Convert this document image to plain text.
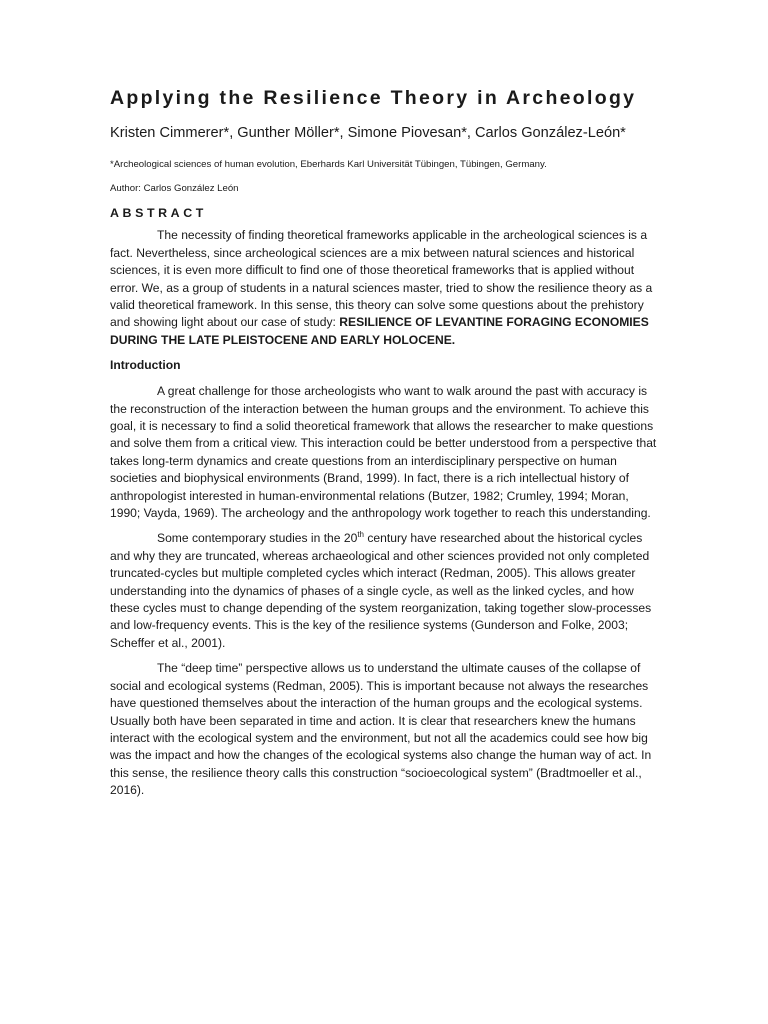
Applying the Resilience Theory in Archeology
Kristen Cimmerer*, Gunther Möller*, Simone Piovesan*, Carlos González-León*
*Archeological sciences of human evolution, Eberhards Karl Universität Tübingen, Tübingen, Germany.
Author: Carlos González León
ABSTRACT

The necessity of finding theoretical frameworks applicable in the archeological sciences is a fact. Nevertheless, since archeological sciences are a mix between natural sciences and historical sciences, it is even more difficult to find one of those theoretical frameworks that is applied without error. We, as a group of students in a natural sciences master, tried to show the resilience theory as a valid theoretical framework. In this sense, this theory can solve some questions about the prehistory and showing light about our case of study: RESILIENCE OF LEVANTINE FORAGING ECONOMIES DURING THE LATE PLEISTOCENE AND EARLY HOLOCENE.

Introduction

A great challenge for those archeologists who want to walk around the past with accuracy is the reconstruction of the interaction between the human groups and the environment. To achieve this goal, it is necessary to find a solid theoretical framework that allows the researcher to make questions and solve them from a critical view. This interaction could be better understood from a perspective that takes long-term dynamics and create questions from an interdisciplinary perspective on human societies and biophysical environments (Brand, 1999). In fact, there is a rich intellectual history of anthropologist interested in human-environmental relations (Butzer, 1982; Crumley, 1994; Moran, 1990; Vayda, 1969). The archeology and the anthropology work together to reach this understanding.

Some contemporary studies in the 20th century have researched about the historical cycles and why they are truncated, whereas archaeological and other sciences provided not only completed truncated-cycles but multiple completed cycles which interact (Redman, 2005). This allows greater understanding into the dynamics of phases of a single cycle, as well as the linked cycles, and how these cycles must to change depending of the system reorganization, taking together slow-processes and low-frequency events. This is the key of the resilience systems (Gunderson and Folke, 2003; Scheffer et al., 2001).

The “deep time” perspective allows us to understand the ultimate causes of the collapse of social and ecological systems (Redman, 2005). This is important because not always the researches have questioned themselves about the interaction of the human groups and the ecological systems. Usually both have been separated in time and action. It is clear that researchers knew the humans interact with the ecological system and the environment, but not all the academics could see how big was the impact and how the changes of the ecological systems also change the human way of act. In this sense, the resilience theory calls this construction “socioecological system” (Bradtmoeller et al., 2016).
